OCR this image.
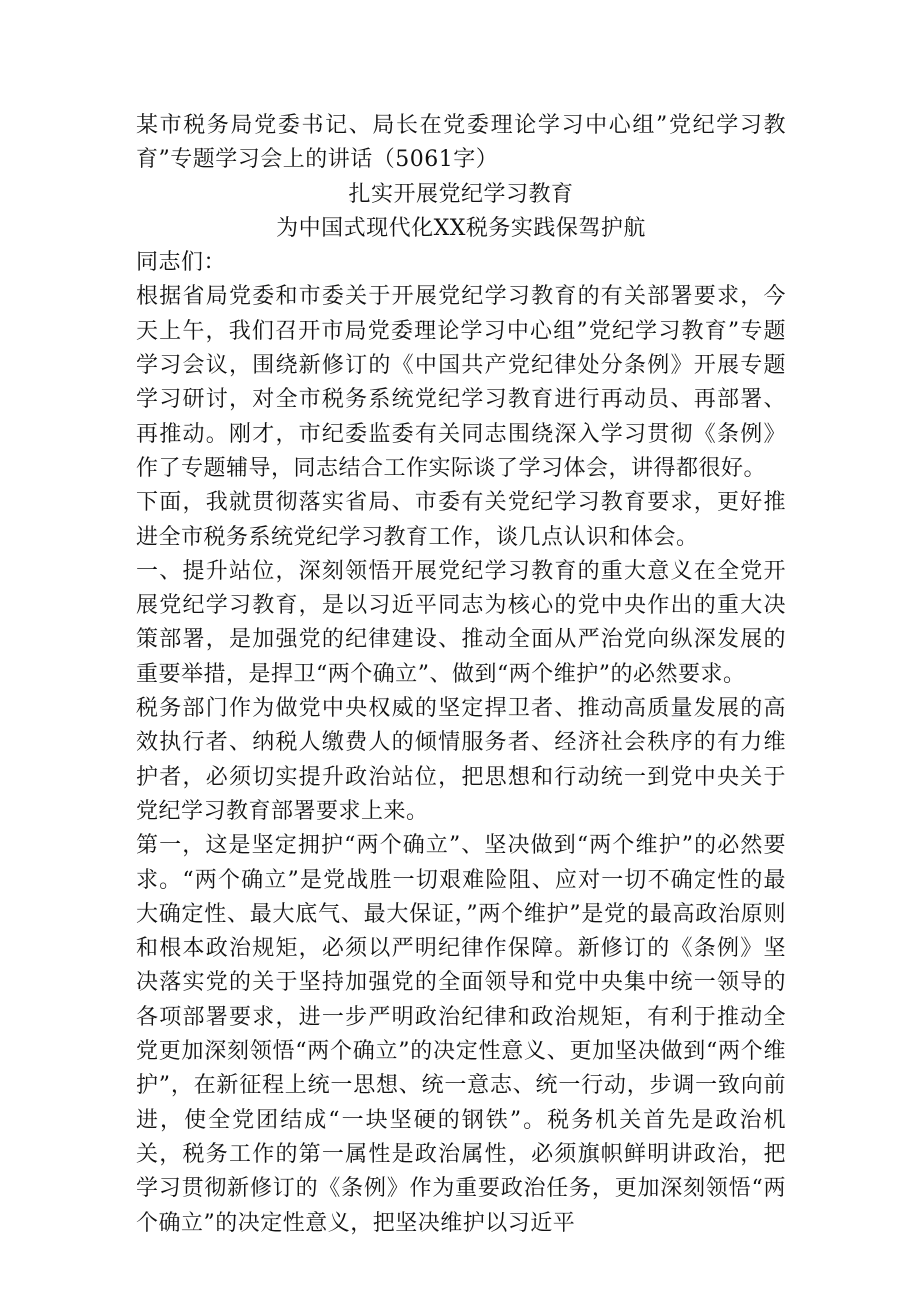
某市税务局党委书记、局长在党委理论学习中心组”党纪学习教育”专题学习会上的讲话（5061字）

扎实开展党纪学习教育

为中国式现代化XX税务实践保驾护航

同志们：

根据省局党委和市委关于开展党纪学习教育的有关部署要求，今天上午，我们召开市局党委理论学习中心组”党纪学习教育”专题学习会议，围绕新修订的《中国共产党纪律处分条例》开展专题学习研讨，对全市税务系统党纪学习教育进行再动员、再部署、再推动。刚才，市纪委监委有关同志围绕深入学习贯彻《条例》作了专题辅导，同志结合工作实际谈了学习体会，讲得都很好。

下面，我就贯彻落实省局、市委有关党纪学习教育要求，更好推进全市税务系统党纪学习教育工作，谈几点认识和体会。

一、提升站位，深刻领悟开展党纪学习教育的重大意义在全党开展党纪学习教育，是以习近平同志为核心的党中央作出的重大决策部署，是加强党的纪律建设、推动全面从严治党向纵深发展的重要举措，是捍卫“两个确立”、做到“两个维护”的必然要求。

税务部门作为做党中央权威的坚定捍卫者、推动高质量发展的高效执行者、纳税人缴费人的倾情服务者、经济社会秩序的有力维护者，必须切实提升政治站位，把思想和行动统一到党中央关于党纪学习教育部署要求上来。

第一，这是坚定拥护“两个确立”、坚决做到“两个维护”的必然要求。“两个确立”是党战胜一切艰难险阻、应对一切不确定性的最大确定性、最大底气、最大保证，”两个维护”是党的最高政治原则和根本政治规矩，必须以严明纪律作保障。新修订的《条例》坚决落实党的关于坚持加强党的全面领导和党中央集中统一领导的各项部署要求，进一步严明政治纪律和政治规矩，有利于推动全党更加深刻领悟“两个确立”的决定性意义、更加坚决做到“两个维护”，在新征程上统一思想、统一意志、统一行动，步调一致向前进，使全党团结成“一块坚硬的钢铁”。税务机关首先是政治机关，税务工作的第一属性是政治属性，必须旗帜鲜明讲政治，把学习贯彻新修订的《条例》作为重要政治任务，更加深刻领悟“两个确立”的决定性意义，把坚决维护以习近平
